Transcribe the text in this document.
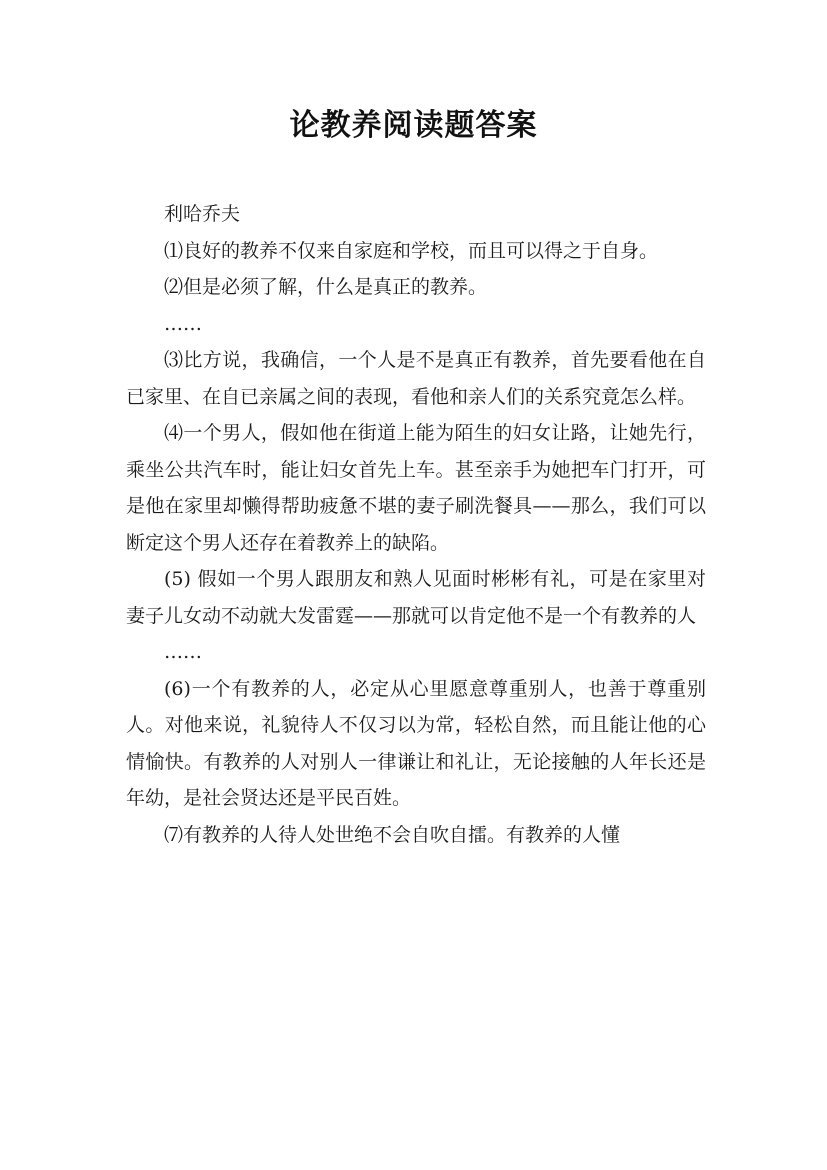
论教养阅读题答案

利哈乔夫

⑴良好的教养不仅来自家庭和学校，而且可以得之于自身。

⑵但是必须了解，什么是真正的教养。

……

⑶比方说，我确信，一个人是不是真正有教养，首先要看他在自已家里、在自已亲属之间的表现，看他和亲人们的关系究竟怎么样。

⑷一个男人，假如他在街道上能为陌生的妇女让路，让她先行，乘坐公共汽车时，能让妇女首先上车。甚至亲手为她把车门打开，可是他在家里却懒得帮助疲惫不堪的妻子刷洗餐具——那么，我们可以断定这个男人还存在着教养上的缺陷。

(5) 假如一个男人跟朋友和熟人见面时彬彬有礼，可是在家里对妻子儿女动不动就大发雷霆——那就可以肯定他不是一个有教养的人

……

(6)一个有教养的人，必定从心里愿意尊重别人，也善于尊重别人。对他来说，礼貌待人不仅习以为常，轻松自然，而且能让他的心情愉快。有教养的人对别人一律谦让和礼让，无论接触的人年长还是年幼，是社会贤达还是平民百姓。

⑺有教养的人待人处世绝不会自吹自擂。有教养的人懂
